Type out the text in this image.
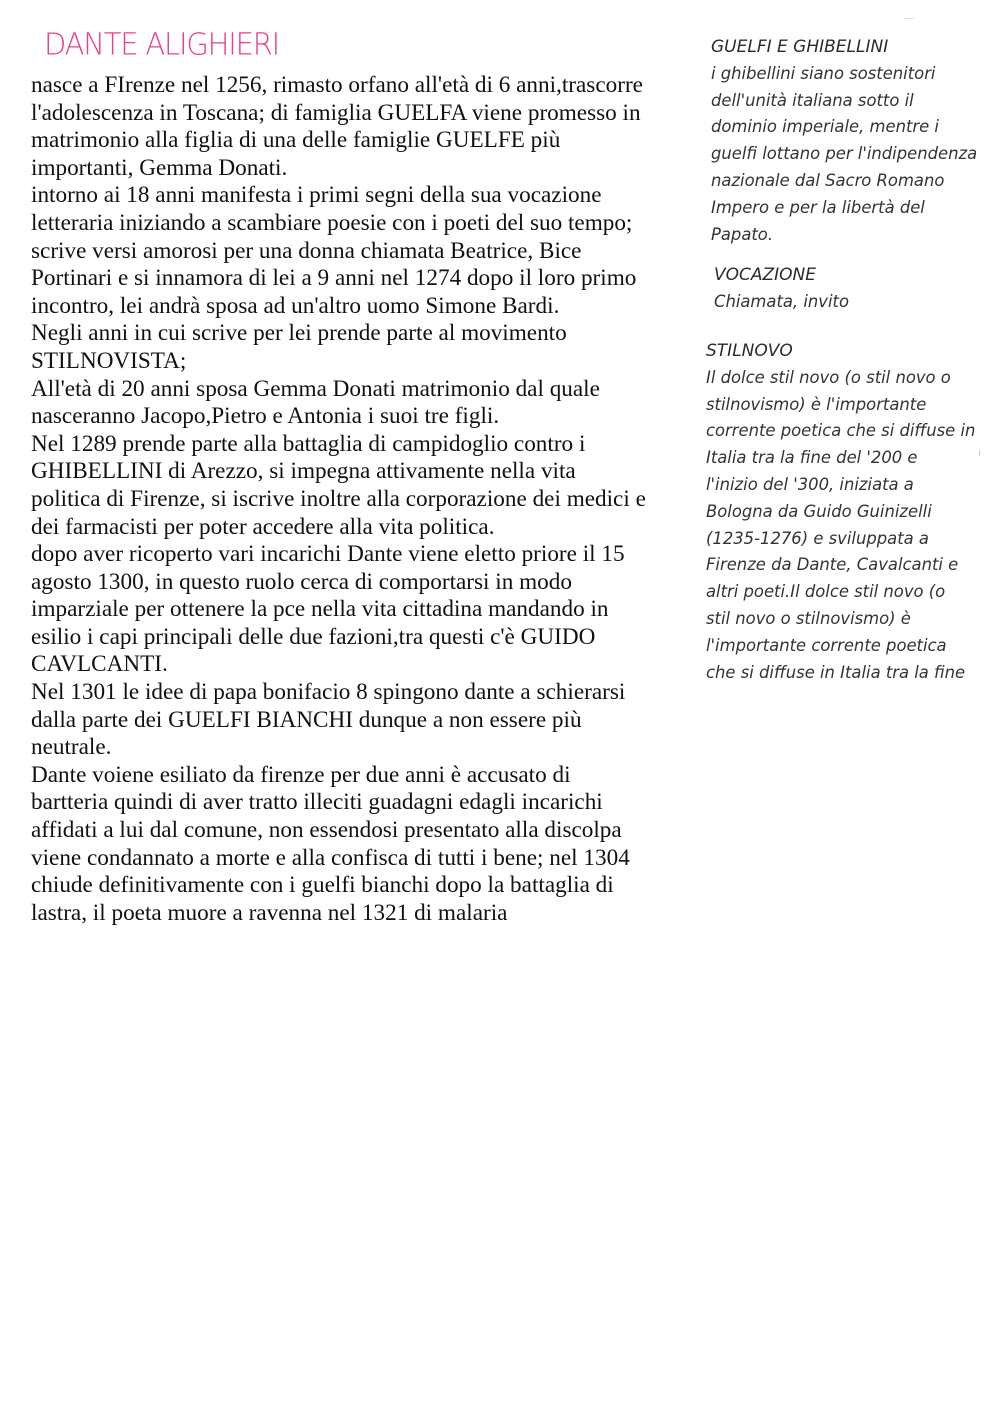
DANTE ALIGHIERI
nasce a FIrenze nel 1256, rimasto orfano all'età di 6 anni,trascorre
l'adolescenza in Toscana; di famiglia GUELFA viene promesso in
matrimonio alla figlia di una delle famiglie GUELFE più
importanti, Gemma Donati.
intorno ai 18 anni manifesta i primi segni della sua vocazione
letteraria iniziando a scambiare poesie con i poeti del suo tempo;
scrive versi amorosi per una donna chiamata Beatrice, Bice
Portinari e si innamora di lei a 9 anni nel 1274 dopo il loro primo
incontro, lei andrà sposa ad un'altro uomo Simone Bardi.
Negli anni in cui scrive per lei prende parte al movimento
STILNOVISTA;
All'età di 20 anni sposa Gemma Donati matrimonio dal quale
nasceranno Jacopo,Pietro e Antonia i suoi tre figli.
Nel 1289 prende parte alla battaglia di campidoglio contro i
GHIBELLINI di Arezzo, si impegna attivamente nella vita
politica di Firenze, si iscrive inoltre alla corporazione dei medici e
dei farmacisti per poter accedere alla vita politica.
dopo aver ricoperto vari incarichi Dante viene eletto priore il 15
agosto 1300, in questo ruolo cerca di comportarsi in modo
imparziale per ottenere la pce nella vita cittadina mandando in
esilio i capi principali delle due fazioni,tra questi c'è GUIDO
CAVLCANTI.
Nel 1301 le idee di papa bonifacio 8 spingono dante a schierarsi
dalla parte dei GUELFI BIANCHI dunque a non essere più
neutrale.
Dante voiene esiliato da firenze per due anni è accusato di
bartteria quindi di aver tratto illeciti guadagni edagli incarichi
affidati a lui dal comune, non essendosi presentato alla discolpa
viene condannato a morte e alla confisca di tutti i bene; nel 1304
chiude definitivamente con i guelfi bianchi dopo la battaglia di
lastra, il poeta muore a ravenna nel 1321 di malaria
GUELFI E GHIBELLINI
i ghibellini siano sostenitori
dell'unità italiana sotto il
dominio imperiale, mentre i
guelfi lottano per l'indipendenza
nazionale dal Sacro Romano
Impero e per la libertà del
Papato.
VOCAZIONE
Chiamata, invito
STILNOVO
Il dolce stil novo (o stil novo o
stilnovismo) è l'importante
corrente poetica che si diffuse in
Italia tra la fine del '200 e
l'inizio del '300, iniziata a
Bologna da Guido Guinizelli
(1235-1276) e sviluppata a
Firenze da Dante, Cavalcanti e
altri poeti.Il dolce stil novo (o
stil novo o stilnovismo) è
l'importante corrente poetica
che si diffuse in Italia tra la fine
